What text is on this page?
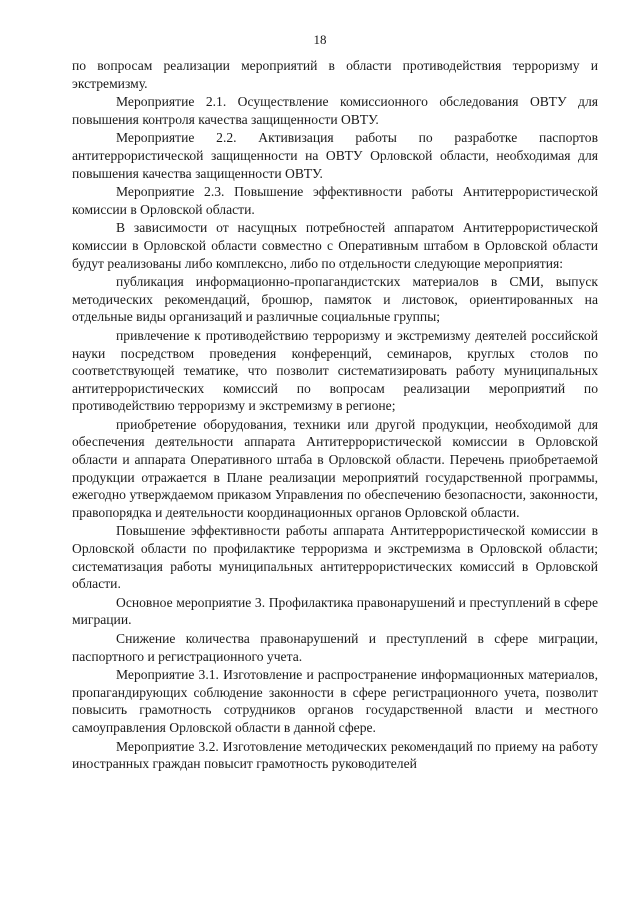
18

по вопросам реализации мероприятий в области противодействия терроризму и экстремизму.

Мероприятие 2.1. Осуществление комиссионного обследования ОВТУ для повышения контроля качества защищенности ОВТУ.

Мероприятие 2.2. Активизация работы по разработке паспортов антитеррористической защищенности на ОВТУ Орловской области, необходимая для повышения качества защищенности ОВТУ.

Мероприятие 2.3. Повышение эффективности работы Антитеррористической комиссии в Орловской области.

В зависимости от насущных потребностей аппаратом Антитеррористической комиссии в Орловской области совместно с Оперативным штабом в Орловской области будут реализованы либо комплексно, либо по отдельности следующие мероприятия:

публикация информационно-пропагандистских материалов в СМИ, выпуск методических рекомендаций, брошюр, памяток и листовок, ориентированных на отдельные виды организаций и различные социальные группы;

привлечение к противодействию терроризму и экстремизму деятелей российской науки посредством проведения конференций, семинаров, круглых столов по соответствующей тематике, что позволит систематизировать работу муниципальных антитеррористических комиссий по вопросам реализации мероприятий по противодействию терроризму и экстремизму в регионе;

приобретение оборудования, техники или другой продукции, необходимой для обеспечения деятельности аппарата Антитеррористической комиссии в Орловской области и аппарата Оперативного штаба в Орловской области. Перечень приобретаемой продукции отражается в Плане реализации мероприятий государственной программы, ежегодно утверждаемом приказом Управления по обеспечению безопасности, законности, правопорядка и деятельности координационных органов Орловской области.

Повышение эффективности работы аппарата Антитеррористической комиссии в Орловской области по профилактике терроризма и экстремизма в Орловской области; систематизация работы муниципальных антитеррористических комиссий в Орловской области.

Основное мероприятие 3. Профилактика правонарушений и преступлений в сфере миграции.

Снижение количества правонарушений и преступлений в сфере миграции, паспортного и регистрационного учета.

Мероприятие 3.1. Изготовление и распространение информационных материалов, пропагандирующих соблюдение законности в сфере регистрационного учета, позволит повысить грамотность сотрудников органов государственной власти и местного самоуправления Орловской области в данной сфере.

Мероприятие 3.2. Изготовление методических рекомендаций по приему на работу иностранных граждан повысит грамотность руководителей
